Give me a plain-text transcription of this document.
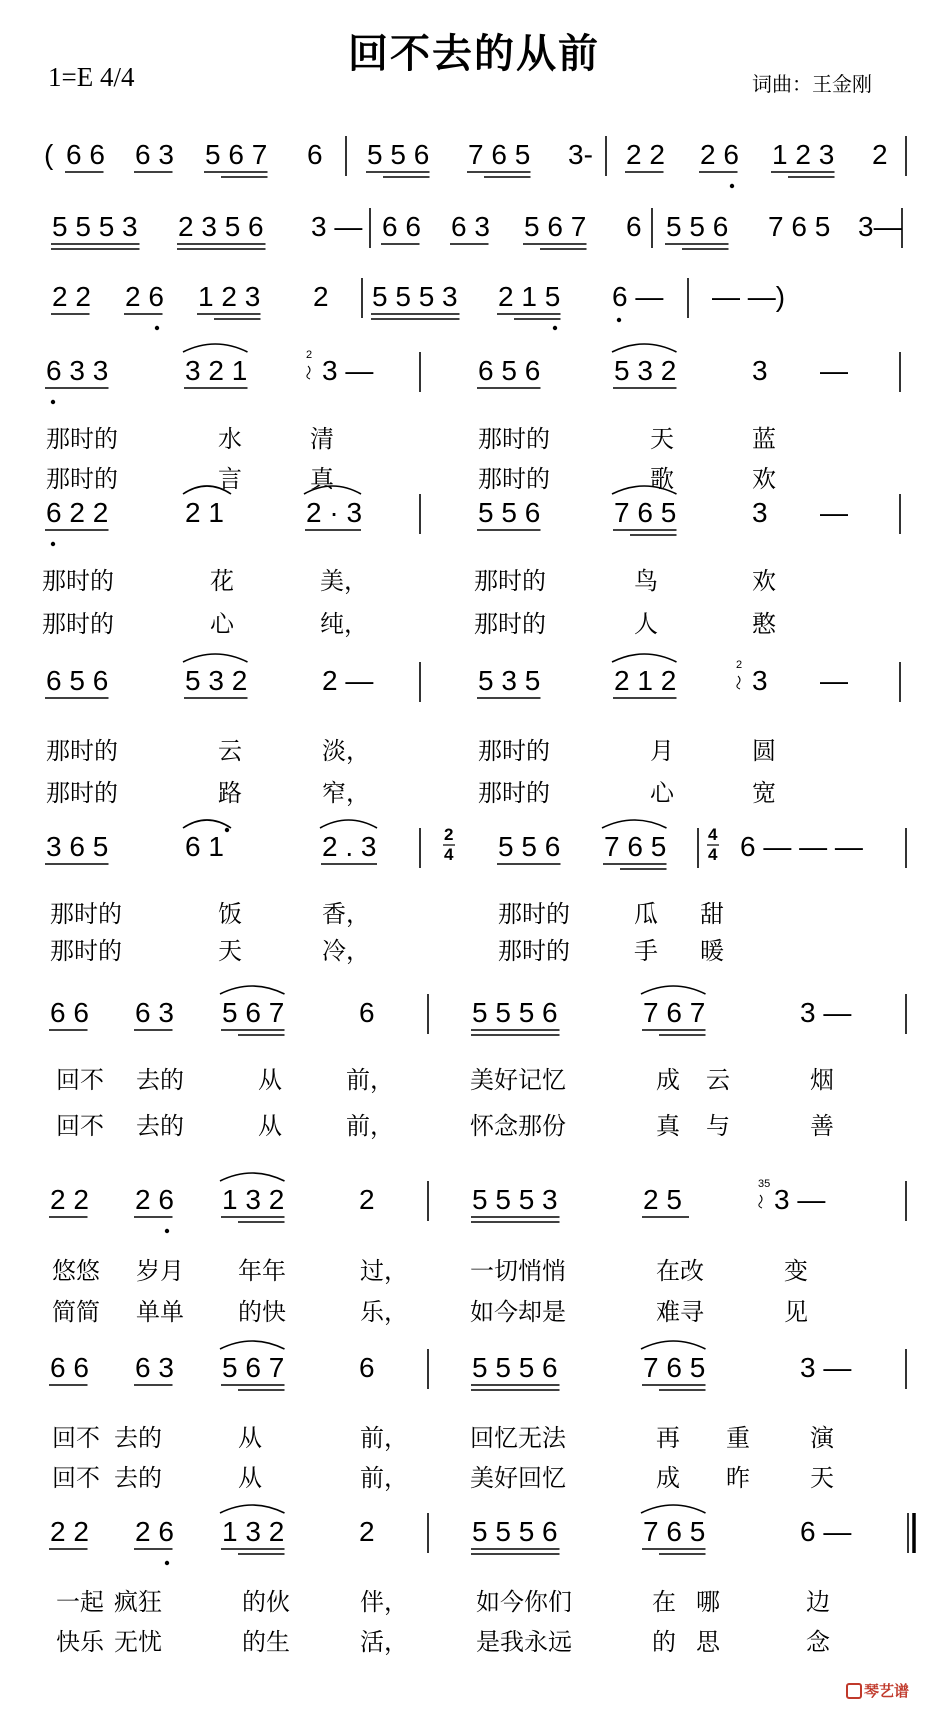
回不去的从前
1=E 4/4	词曲：王金刚
( 6 6 6 3 5 6 7 6 5 5 6 7 6 5 3- 2 2 2 6 1 2 3 2
5 5 5 3 2 3 5 6 3 — 6 6 6 3 5 6 7 6 5 5 6 7 6 5 3—
2 2 2 6 1 2 3 2 5 5 5 3 2 1 5 6 — — —)
6 3 3	3 2 1	3 —
2	6 5 6	5 3 2	3 —
6 2 2	2 1	2 · 3	5 5 6	7 6 5	3 —
6 5 6	5 3 2	2 —	5 3 5	2 1 2	3
2	—
3 6 5	6 1	2 . 3	2
4 5 5 6 7 6 5 4
4 6 — — —
6 6 6 3 5 6 7	6	5 5 5 6	7 6 7	3 —
2 2 2 6 1 3 2	2	5 5 5 3	2 5	3 —
35
6 6 6 3 5 6 7	6	5 5 5 6	7 6 5	3 —
2 2 2 6 1 3 2	2	5 5 5 6	7 6 5	6 —
那时的	水	清	那时的	天	蓝
那时的	言	真	那时的	歌	欢
那时的	花	美，	那时的	鸟	欢
那时的	心	纯，	那时的	人	憨
那时的	云	淡，	那时的	月	圆
那时的	路	窄，	那时的	心	宽
那时的	饭	香，	那时的	瓜 甜
那时的	天	冷，	那时的	手 暖
回不 去的	从	前，	美好记忆	成 云	烟
回不 去的	从	前，	怀念那份	真 与	善
悠悠 岁月 年年	过，	一切悄悄	在改	变
简简 单单 的快	乐，	如今却是	难寻	见
回不 去的	从	前，	回忆无法	再 重	演
回不 去的	从	前，	美好回忆	成 昨	天
一起 疯狂	的伙	伴，	如今你们	在 哪	边
快乐 无忧	的生	活，	是我永远	的 思	念
琴艺谱
